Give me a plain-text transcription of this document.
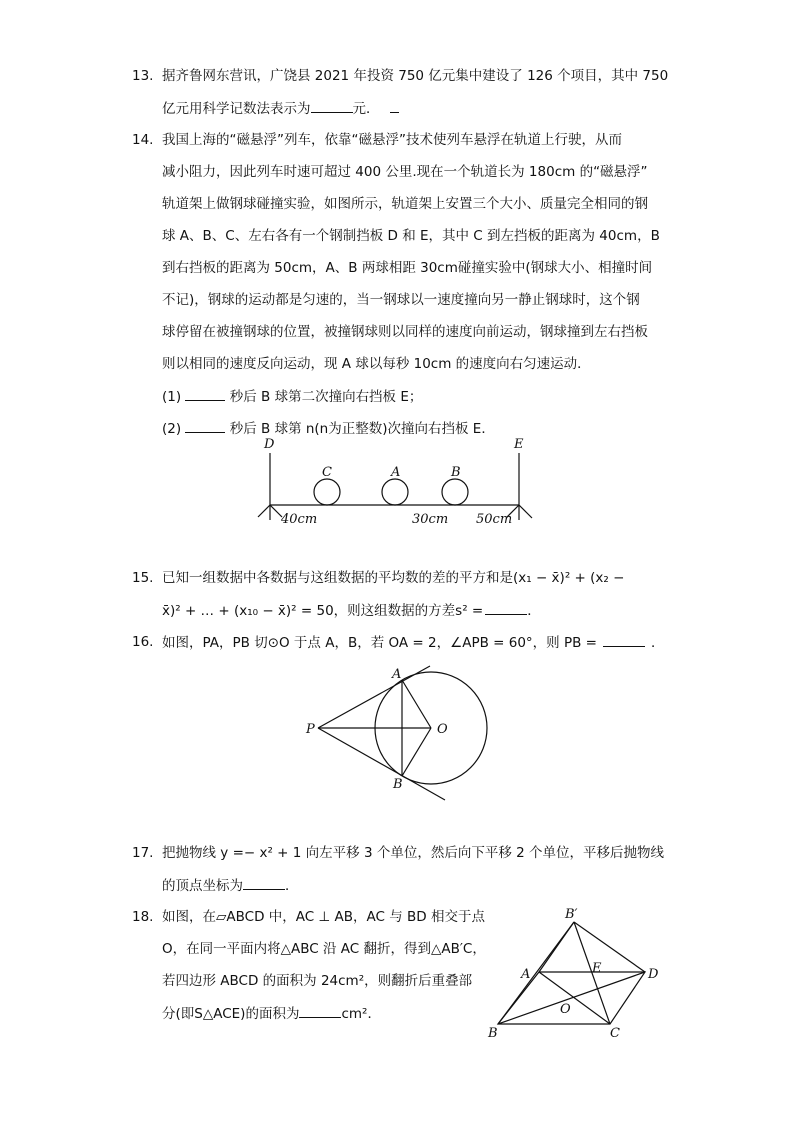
13. 据齐鲁网东营讯，广饶县 2021 年投资 750 亿元集中建设了 126 个项目，其中 750
亿元用科学记数法表示为	元．
14. 我国上海的“磁悬浮”列车，依靠“磁悬浮”技术使列车悬浮在轨道上行驶，从而
减小阻力，因此列车时速可超过 400 公里.现在一个轨道长为 180cm 的“磁悬浮”
轨道架上做钢球碰撞实验，如图所示，轨道架上安置三个大小、质量完全相同的钢
球 A、B、C、左右各有一个钢制挡板 D 和 E，其中 C 到左挡板的距离为 40cm，B
到右挡板的距离为 50cm，A、B 两球相距 30cm碰撞实验中(钢球大小、相撞时间
不记)，钢球的运动都是匀速的，当一钢球以一速度撞向另一静止钢球时，这个钢
球停留在被撞钢球的位置，被撞钢球则以同样的速度向前运动，钢球撞到左右挡板
则以相同的速度反向运动，现 A 球以每秒 10cm 的速度向右匀速运动．
(1)	秒后 B 球第二次撞向右挡板 E；
(2)	秒后 B 球第 n(n为正整数)次撞向右挡板 E．
D	E
C	A	B
40cm	30cm 50cm
15. 已知一组数据中各数据与这组数据的平均数的差的平方和是(x₁ − x̄)² + (x₂ −
x̄)² + … + (x₁₀ − x̄)² = 50，则这组数据的方差s² =	．
16. 如图，PA，PB 切⊙O 于点 A，B，若 OA = 2，∠APB = 60°，则 PB =	．
P
A
B
O
17. 把抛物线 y =− x² + 1 向左平移 3 个单位，然后向下平移 2 个单位，平移后抛物线
的顶点坐标为	．
18. 如图，在▱ABCD 中，AC ⊥ AB，AC 与 BD 相交于点
O，在同一平面内将△ABC 沿 AC 翻折，得到△AB′C，
若四边形 ABCD 的面积为 24cm²，则翻折后重叠部
分(即S△ACE)的面积为	cm²．
B′
A	E	D
O
B	C
